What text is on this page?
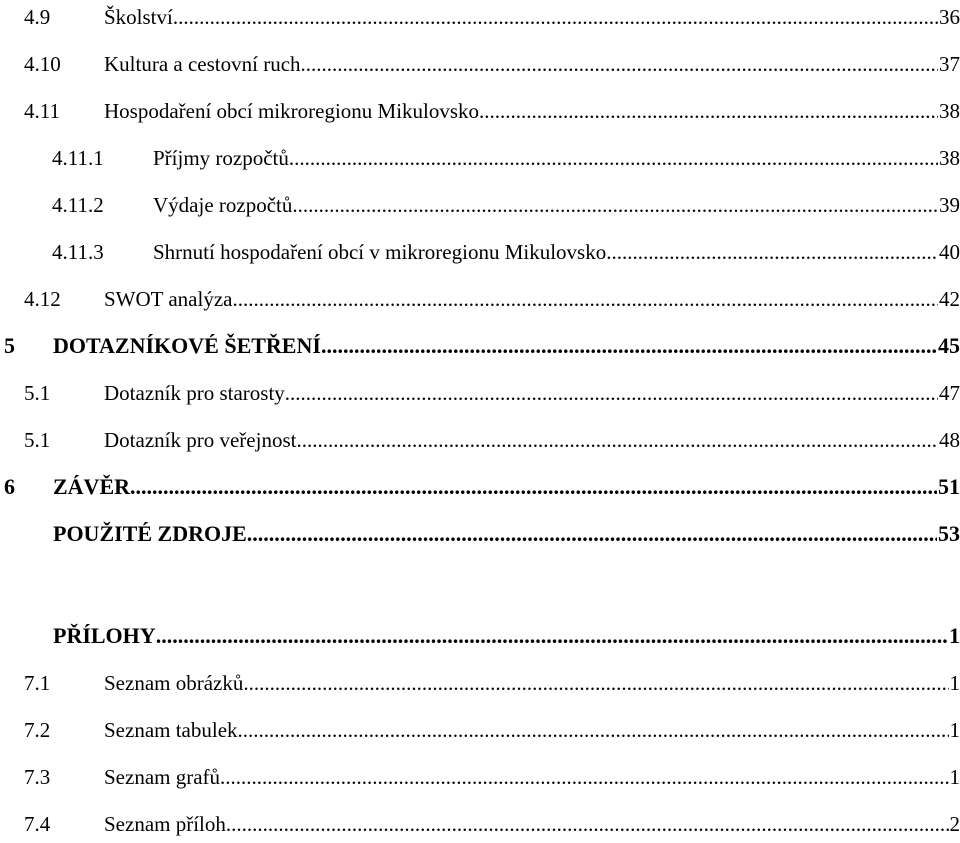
4.9	Školství .....	36
4.10 Kultura a cestovní ruch .....	37
4.11 Hospodaření obcí mikroregionu Mikulovsko .....	38
4.11.1 Příjmy rozpočtů .....	38
4.11.2 Výdaje rozpočtů .....	39
4.11.3 Shrnutí hospodaření obcí v mikroregionu Mikulovsko .....	40
4.12 SWOT analýza .....	42
5 DOTAZNÍKOVÉ ŠETŘENÍ .....	45
5.1	Dotazník pro starosty .....	47
5.1	Dotazník pro veřejnost .....	48
6 ZÁVĚR .....	51
POUŽITÉ ZDROJE .....	53
PŘÍLOHY .....	1
7.1	Seznam obrázků .....	1
7.2	Seznam tabulek .....	1
7.3	Seznam grafů .....	1
7.4	Seznam příloh .....	2
